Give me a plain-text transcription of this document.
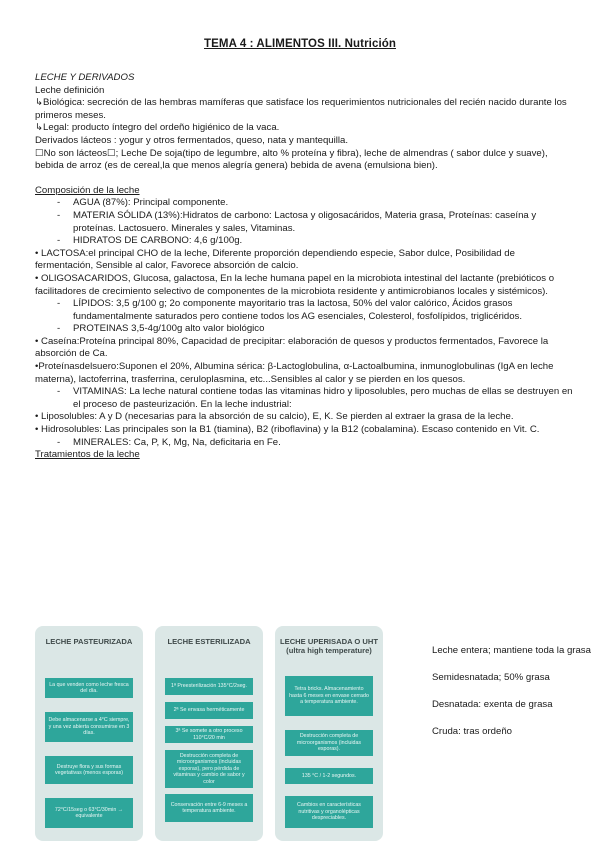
TEMA 4 : ALIMENTOS III. Nutrición

LECHE Y DERIVADOS

Leche definición

↳Biológica: secreción de las hembras mamíferas que satisface los requerimientos nutricionales del recién nacido durante los primeros meses.

↳Legal: producto íntegro del ordeño higiénico de la vaca.

Derivados lácteos : yogur y otros fermentados, queso, nata y mantequilla.

☐No son lácteos☐; Leche De soja(tipo de legumbre, alto % proteína y fibra), leche de almendras ( sabor dulce y suave), bebida de arroz (es de cereal,la que menos alegría genera) bebida de avena (emulsiona bien).

Composición de la leche

- AGUA (87%): Principal componente.

- MATERIA SÓLIDA (13%):Hidratos de carbono: Lactosa y oligosacáridos, Materia grasa, Proteínas: caseína y proteínas. Lactosuero. Minerales y sales, Vitaminas.

- HIDRATOS DE CARBONO: 4,6 g/100g.

• LACTOSA:el principal CHO de la leche, Diferente proporción dependiendo especie, Sabor dulce, Posibilidad de fermentación, Sensible al calor, Favorece absorción de calcio.

• OLIGOSACARIDOS, Glucosa, galactosa, En la leche humana papel en la microbiota intestinal del lactante (prebióticos o facilitadores de crecimiento selectivo de componentes de la microbiota residente y antimicrobianos locales y sistémicos).

- LÍPIDOS: 3,5 g/100 g; 2o componente mayoritario tras la lactosa, 50% del valor calórico, Ácidos grasos fundamentalmente saturados pero contiene todos los AG esenciales, Colesterol, fosfolípidos, triglicéridos.

- PROTEINAS 3,5-4g/100g alto valor biológico

• Caseína:Proteína principal 80%, Capacidad de precipitar: elaboración de quesos y productos fermentados, Favorece la absorción de Ca.

•Proteínasdelsuero:Suponen el 20%, Albumina sérica: β-Lactoglobulina, α-Lactoalbumina, inmunoglobulinas (IgA en leche materna), lactoferrina, trasferrina, ceruloplasmina, etc...Sensibles al calor y se pierden en los quesos.

- VITAMINAS: La leche natural contiene todas las vitaminas hidro y liposolubles, pero muchas de ellas se destruyen en el proceso de pasteurización. En la leche industrial:

• Liposolubles: A y D (necesarias para la absorción de su calcio), E, K. Se pierden al extraer la grasa de la leche.

• Hidrosolubles: Las principales son la B1 (tiamina), B2 (riboflavina) y la B12 (cobalamina). Escaso contenido en Vit. C.

- MINERALES: Ca, P, K, Mg, Na, deficitaria en Fe.

Tratamientos de la leche

Leche entera; mantiene toda la grasa

Semidesnatada; 50% grasa

Desnatada: exenta de grasa

Cruda: tras ordeño

LECHE PASTEURIZADA
La que venden como leche fresca del día.
Debe almacenarse a 4°C siempre, y una vez abierta consumirse en 3 días.
Destruye flora y sus formas vegetativas (menos esporas)
72°C/15seg o 63°C/30min → equivalente
LECHE ESTERILIZADA
1ª Preesterilización 135°C/2seg.
2ª Se envasa herméticamente
3ª Se somete a otro proceso 110°C/20 min
Destrucción completa de microorganismos (incluidas esporas), pero pérdida de vitaminas y cambio de sabor y color
Conservación entre 6-9 meses a temperatura ambiente.
LECHE UPERISADA O UHT (ultra high temperature)
Tetra bricks. Almacenamiento hasta 6 meses en envase cerrado a temperatura ambiente.
Destrucción completa de microorganismos (incluidas esporas).
135 °C / 1-2 segundos.
Cambios en características nutritivas y organolépticas despreciables.
